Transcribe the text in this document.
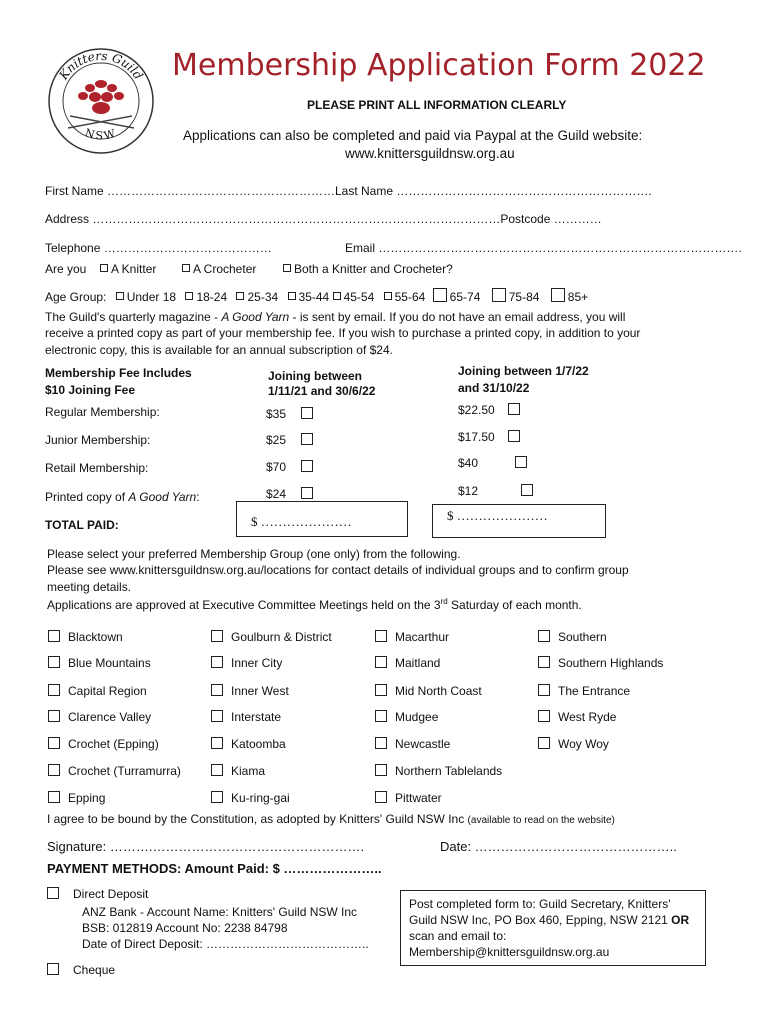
Knitters Guild
NSW
Membership Application Form 2022
PLEASE PRINT ALL INFORMATION CLEARLY
Applications can also be completed and paid via Paypal at the Guild website:
www.knittersguildnsw.org.au
First Name ………………………………………………….
Last Name ……………………………………………………….
Address …………………………………………………………………………………………Postcode …………
Telephone ……………………………………	Email ……………………………………………………………………………….
Are you	A Knitter	A Crocheter	Both a Knitter and Crocheter?
Age Group: Under 18 18-24 25-34 35-44 45-54 55-64 65-74 75-84 85+
The Guild's quarterly magazine - A Good Yarn - is sent by email. If you do not have an email address, you will
receive a printed copy as part of your membership fee. If you wish to purchase a printed copy, in addition to your
electronic copy, this is available for an annual subscription of $24.
Membership Fee Includes
$10 Joining Fee
Joining between
1/11/21 and 30/6/22
Joining between 1/7/22
and 31/10/22
Regular Membership:	$35	$22.50
Junior Membership:	$25	$17.50
Retail Membership:	$70	$40
Printed copy of A Good Yarn:	$24	$12
TOTAL PAID:	$ …………………	$ …………………
Please select your preferred Membership Group (one only) from the following.
Please see www.knittersguildnsw.org.au/locations for contact details of individual groups and to confirm group
meeting details.
Applications are approved at Executive Committee Meetings held on the 3rd Saturday of each month.
Blacktown
Blue Mountains
Capital Region
Clarence Valley
Crochet (Epping)
Crochet (Turramurra)
Epping
Goulburn & District
Inner City
Inner West
Interstate
Katoomba
Kiama
Ku-ring-gai
Macarthur
Maitland
Mid North Coast
Mudgee
Newcastle
Northern Tablelands
Pittwater
Southern
Southern Highlands
The Entrance
West Ryde
Woy Woy
I agree to be bound by the Constitution, as adopted by Knitters' Guild NSW Inc (available to read on the website)
Signature: ……….………………………………………….	Date: ………………………………………..
PAYMENT METHODS: Amount Paid: $ …………………..
Direct Deposit
ANZ Bank - Account Name: Knitters' Guild NSW Inc
BSB: 012819 Account No: 2238 84798
Date of Direct Deposit: …………………………………..
Cheque
Post completed form to: Guild Secretary, Knitters'
Guild NSW Inc, PO Box 460, Epping, NSW 2121 OR
scan and email to:
Membership@knittersguildnsw.org.au
